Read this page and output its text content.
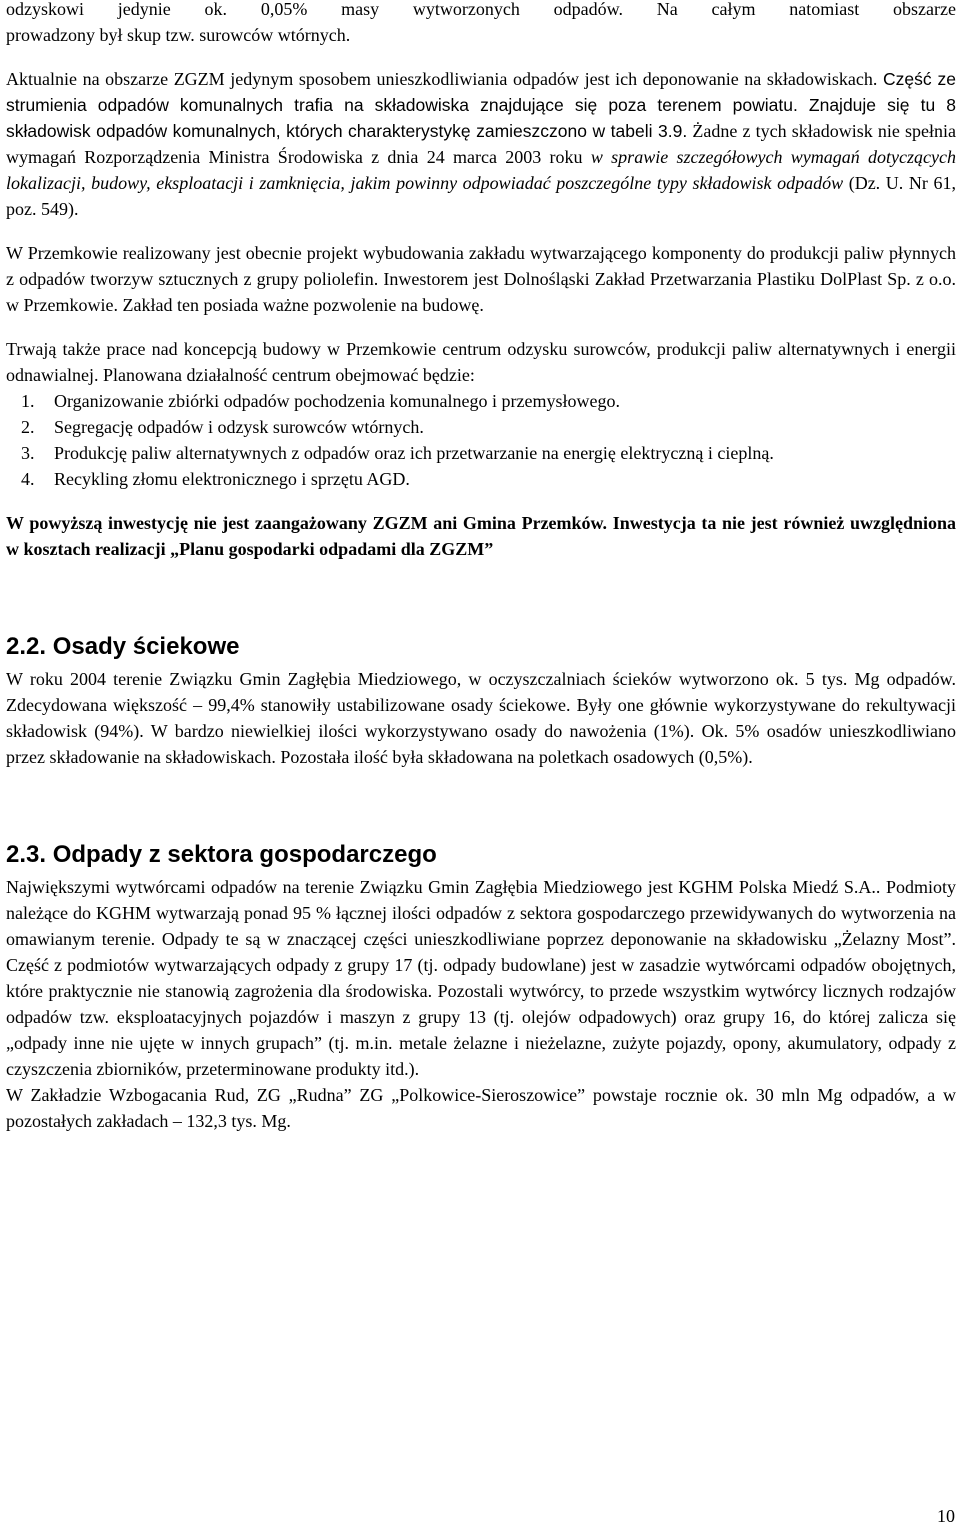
odzyskowi jedynie ok. 0,05% masy wytworzonych odpadów. Na całym natomiast obszarze

prowadzony był skup tzw. surowców wtórnych.

Aktualnie na obszarze ZGZM jedynym sposobem unieszkodliwiania odpadów jest ich deponowanie na składowiskach. Część ze strumienia odpadów komunalnych trafia na składowiska znajdujące się poza terenem powiatu. Znajduje się tu 8 składowisk odpadów komunalnych, których charakterystykę zamieszczono w tabeli 3.9. Żadne z tych składowisk nie spełnia wymagań Rozporządzenia Ministra Środowiska z dnia 24 marca 2003 roku w sprawie szczegółowych wymagań dotyczących lokalizacji, budowy, eksploatacji i zamknięcia, jakim powinny odpowiadać poszczególne typy składowisk odpadów (Dz. U. Nr 61, poz. 549).

W Przemkowie realizowany jest obecnie projekt wybudowania zakładu wytwarzającego komponenty do produkcji paliw płynnych z odpadów tworzyw sztucznych z grupy poliolefin. Inwestorem jest Dolnośląski Zakład Przetwarzania Plastiku DolPlast Sp. z o.o. w Przemkowie. Zakład ten posiada ważne pozwolenie na budowę.

Trwają także prace nad koncepcją budowy w Przemkowie centrum odzysku surowców, produkcji paliw alternatywnych i energii odnawialnej. Planowana działalność centrum obejmować będzie:

1. Organizowanie zbiórki odpadów pochodzenia komunalnego i przemysłowego.
2. Segregację odpadów i odzysk surowców wtórnych.
3. Produkcję paliw alternatywnych z odpadów oraz ich przetwarzanie na energię elektryczną i cieplną.
4. Recykling złomu elektronicznego i sprzętu AGD.

W powyższą inwestycję nie jest zaangażowany ZGZM ani Gmina Przemków. Inwestycja ta nie jest również uwzględniona w kosztach realizacji „Planu gospodarki odpadami dla ZGZM”

2.2. Osady ściekowe

W roku 2004 terenie Związku Gmin Zagłębia Miedziowego, w oczyszczalniach ścieków wytworzono ok. 5 tys. Mg odpadów. Zdecydowana większość – 99,4% stanowiły ustabilizowane osady ściekowe. Były one głównie wykorzystywane do rekultywacji składowisk (94%). W bardzo niewielkiej ilości wykorzystywano osady do nawożenia (1%). Ok. 5% osadów unieszkodliwiano przez składowanie na składowiskach. Pozostała ilość była składowana na poletkach osadowych (0,5%).

2.3. Odpady z sektora gospodarczego

Największymi wytwórcami odpadów na terenie Związku Gmin Zagłębia Miedziowego jest KGHM Polska Miedź S.A.. Podmioty należące do KGHM wytwarzają ponad 95 % łącznej ilości odpadów z sektora gospodarczego przewidywanych do wytworzenia na omawianym terenie. Odpady te są w znaczącej części unieszkodliwiane poprzez deponowanie na składowisku „Żelazny Most”. Część z podmiotów wytwarzających odpady z grupy 17 (tj. odpady budowlane) jest w zasadzie wytwórcami odpadów obojętnych, które praktycznie nie stanowią zagrożenia dla środowiska. Pozostali wytwórcy, to przede wszystkim wytwórcy licznych rodzajów odpadów tzw. eksploatacyjnych pojazdów i maszyn z grupy 13 (tj. olejów odpadowych) oraz grupy 16, do której zalicza się „odpady inne nie ujęte w innych grupach” (tj. m.in. metale żelazne i nieżelazne, zużyte pojazdy, opony, akumulatory, odpady z czyszczenia zbiorników, przeterminowane produkty itd.).

W Zakładzie Wzbogacania Rud, ZG „Rudna” ZG „Polkowice-Sieroszowice” powstaje rocznie ok. 30 mln Mg odpadów, a w pozostałych zakładach – 132,3 tys. Mg.

10
